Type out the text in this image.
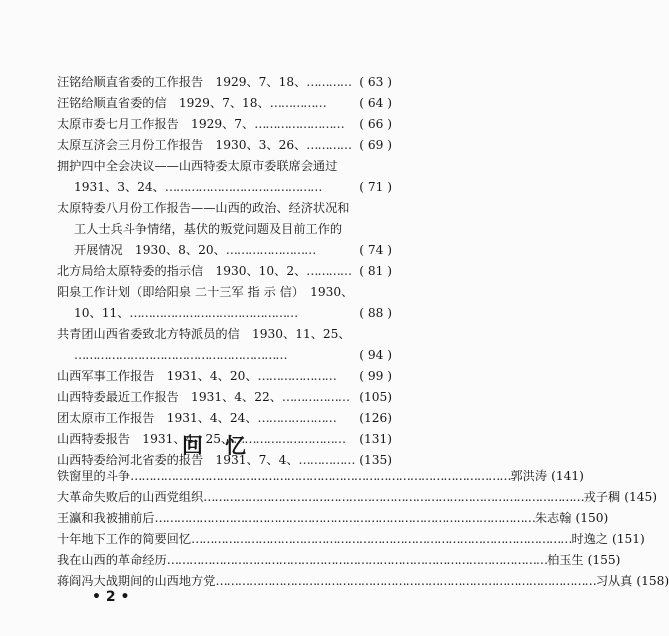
汪铭给顺直省委的工作报告　1929、7、18、………… ( 63 )
汪铭给顺直省委的信　1929、7、18、……………	( 64 )
太原市委七月工作报告　1929、7、…………………… ( 66 )
太原互济会三月份工作报告　1930、3、26、………… ( 69 )
拥护四中全会决议——山西特委太原市委联席会通过
1931、3、24、……………………………………	( 71 )
太原特委八月份工作报告——山西的政治、经济状况和
工人士兵斗争情绪，基伏的叛党问题及目前工作的
开展情况　1930、8、20、……………………	( 74 )
北方局给太原特委的指示信　1930、10、2、………… ( 81 )
阳泉工作计划（即给阳泉 二十三军 指 示 信）　1930、
10、11、………………………………………	( 88 )
共青团山西省委致北方特派员的信　1930、11、25、
…………………………………………………	( 94 )
山西军事工作报告　1931、4、20、………………… ( 99 )
山西特委最近工作报告　1931、4、22、……………… (105)
团太原市工作报告　1931、4、24、………………… (126)
山西特委报告　1931、4、25、………………………… (131)
山西特委给河北省委的报告　1931、7、4、…………… (135)
回忆
铁窗里的斗争 ………………………………………………………………………………………… 郭洪涛 (141)
大革命失败后的山西党组织 ………………………………………………………………………………………… 戎子稠 (145)
王瀛和我被捕前后 ………………………………………………………………………………………… 朱志翰 (150)
十年地下工作的简要回忆 ………………………………………………………………………………………… 时逸之 (151)
我在山西的革命经历 ………………………………………………………………………………………… 柏玉生 (155)
蒋阎冯大战期间的山西地方党 ………………………………………………………………………………………… 习从真 (158)
• 2 •
